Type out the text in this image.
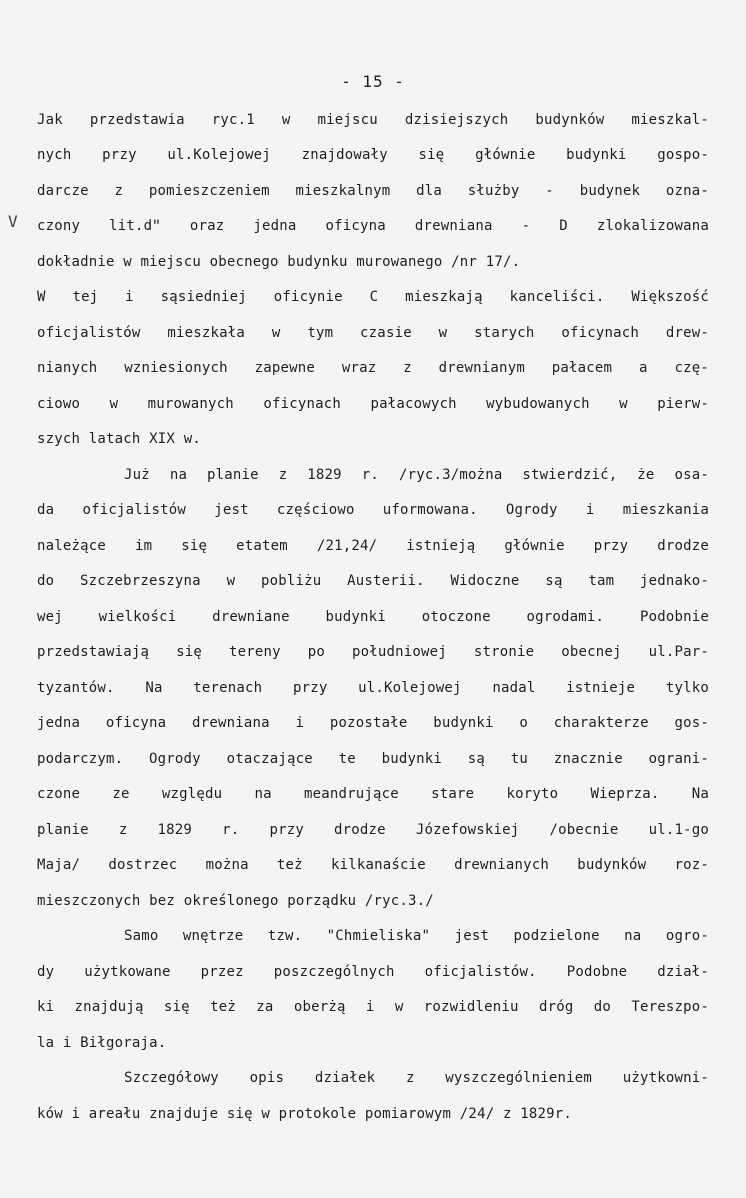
- 15 -
V
Jak przedstawia ryc.1 w miejscu dzisiejszych budynków mieszkal-
nych przy ul.Kolejowej znajdowały się głównie budynki gospo-
darcze z pomieszczeniem mieszkalnym dla służby - budynek ozna-
czony lit.dʺ oraz jedna oficyna drewniana - D zlokalizowana
dokładnie w miejscu obecnego budynku murowanego /nr 17/.
W tej i sąsiedniej oficynie C mieszkają kanceliści. Większość
oficjalistów mieszkała w tym czasie w starych oficynach drew-
nianych wzniesionych zapewne wraz z drewnianym pałacem a czę-
ciowo w murowanych oficynach pałacowych wybudowanych w pierw-
szych latach XIX w.
Już na planie z 1829 r. /ryc.3/można stwierdzić, że osa-
da oficjalistów jest częściowo uformowana. Ogrody i mieszkania
należące im się etatem /21,24/ istnieją głównie przy drodze
do Szczebrzeszyna w pobliżu Austerii. Widoczne są tam jednako-
wej wielkości drewniane budynki otoczone ogrodami. Podobnie
przedstawiają się tereny po południowej stronie obecnej ul.Par-
tyzantów. Na terenach przy ul.Kolejowej nadal istnieje tylko
jedna oficyna drewniana i pozostałe budynki o charakterze gos-
podarczym. Ogrody otaczające te budynki są tu znacznie ograni-
czone ze względu na meandrujące stare koryto Wieprza. Na
planie z 1829 r. przy drodze Józefowskiej /obecnie ul.1-go
Maja/ dostrzec można też kilkanaście drewnianych budynków roz-
mieszczonych bez określonego porządku /ryc.3./
Samo wnętrze tzw. "Chmieliska" jest podzielone na ogro-
dy użytkowane przez poszczególnych oficjalistów. Podobne dział-
ki znajdują się też za oberżą i w rozwidleniu dróg do Tereszpo-
la i Biłgoraja.
Szczegółowy opis działek z wyszczególnieniem użytkowni-
ków i areału znajduje się w protokole pomiarowym /24/ z 1829r.
